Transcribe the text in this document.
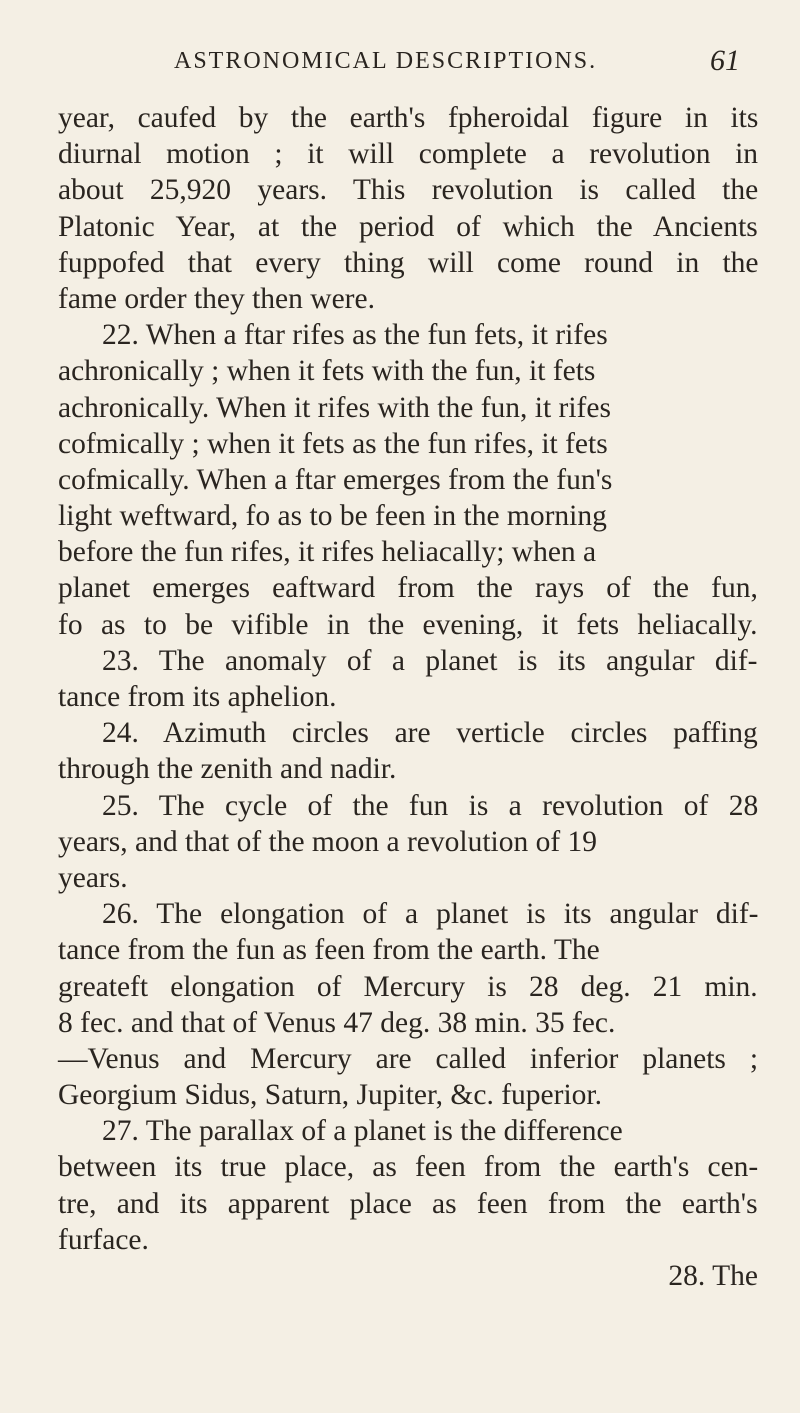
ASTRONOMICAL DESCRIPTIONS.	61
year, caufed by the earth's fpheroidal figure in its
diurnal motion ; it will complete a revolution in
about 25,920 years. This revolution is called the
Platonic Year, at the period of which the Ancients
fuppofed that every thing will come round in the
fame order they then were.
22. When a ftar rifes as the fun fets, it rifes
achronically ; when it fets with the fun, it fets
achronically. When it rifes with the fun, it rifes
cofmically ; when it fets as the fun rifes, it fets
cofmically. When a ftar emerges from the fun's
light weftward, fo as to be feen in the morning
before the fun rifes, it rifes heliacally; when a
planet emerges eaftward from the rays of the fun,
fo as to be vifible in the evening, it fets heliacally.
23. The anomaly of a planet is its angular dif-
tance from its aphelion.
24. Azimuth circles are verticle circles paffing
through the zenith and nadir.
25. The cycle of the fun is a revolution of 28
years, and that of the moon a revolution of 19
years.
26. The elongation of a planet is its angular dif-
tance from the fun as feen from the earth. The
greateft elongation of Mercury is 28 deg. 21 min.
8 fec. and that of Venus 47 deg. 38 min. 35 fec.
—Venus and Mercury are called inferior planets ;
Georgium Sidus, Saturn, Jupiter, &c. fuperior.
27. The parallax of a planet is the difference
between its true place, as feen from the earth's cen-
tre, and its apparent place as feen from the earth's
furface.
28. The
